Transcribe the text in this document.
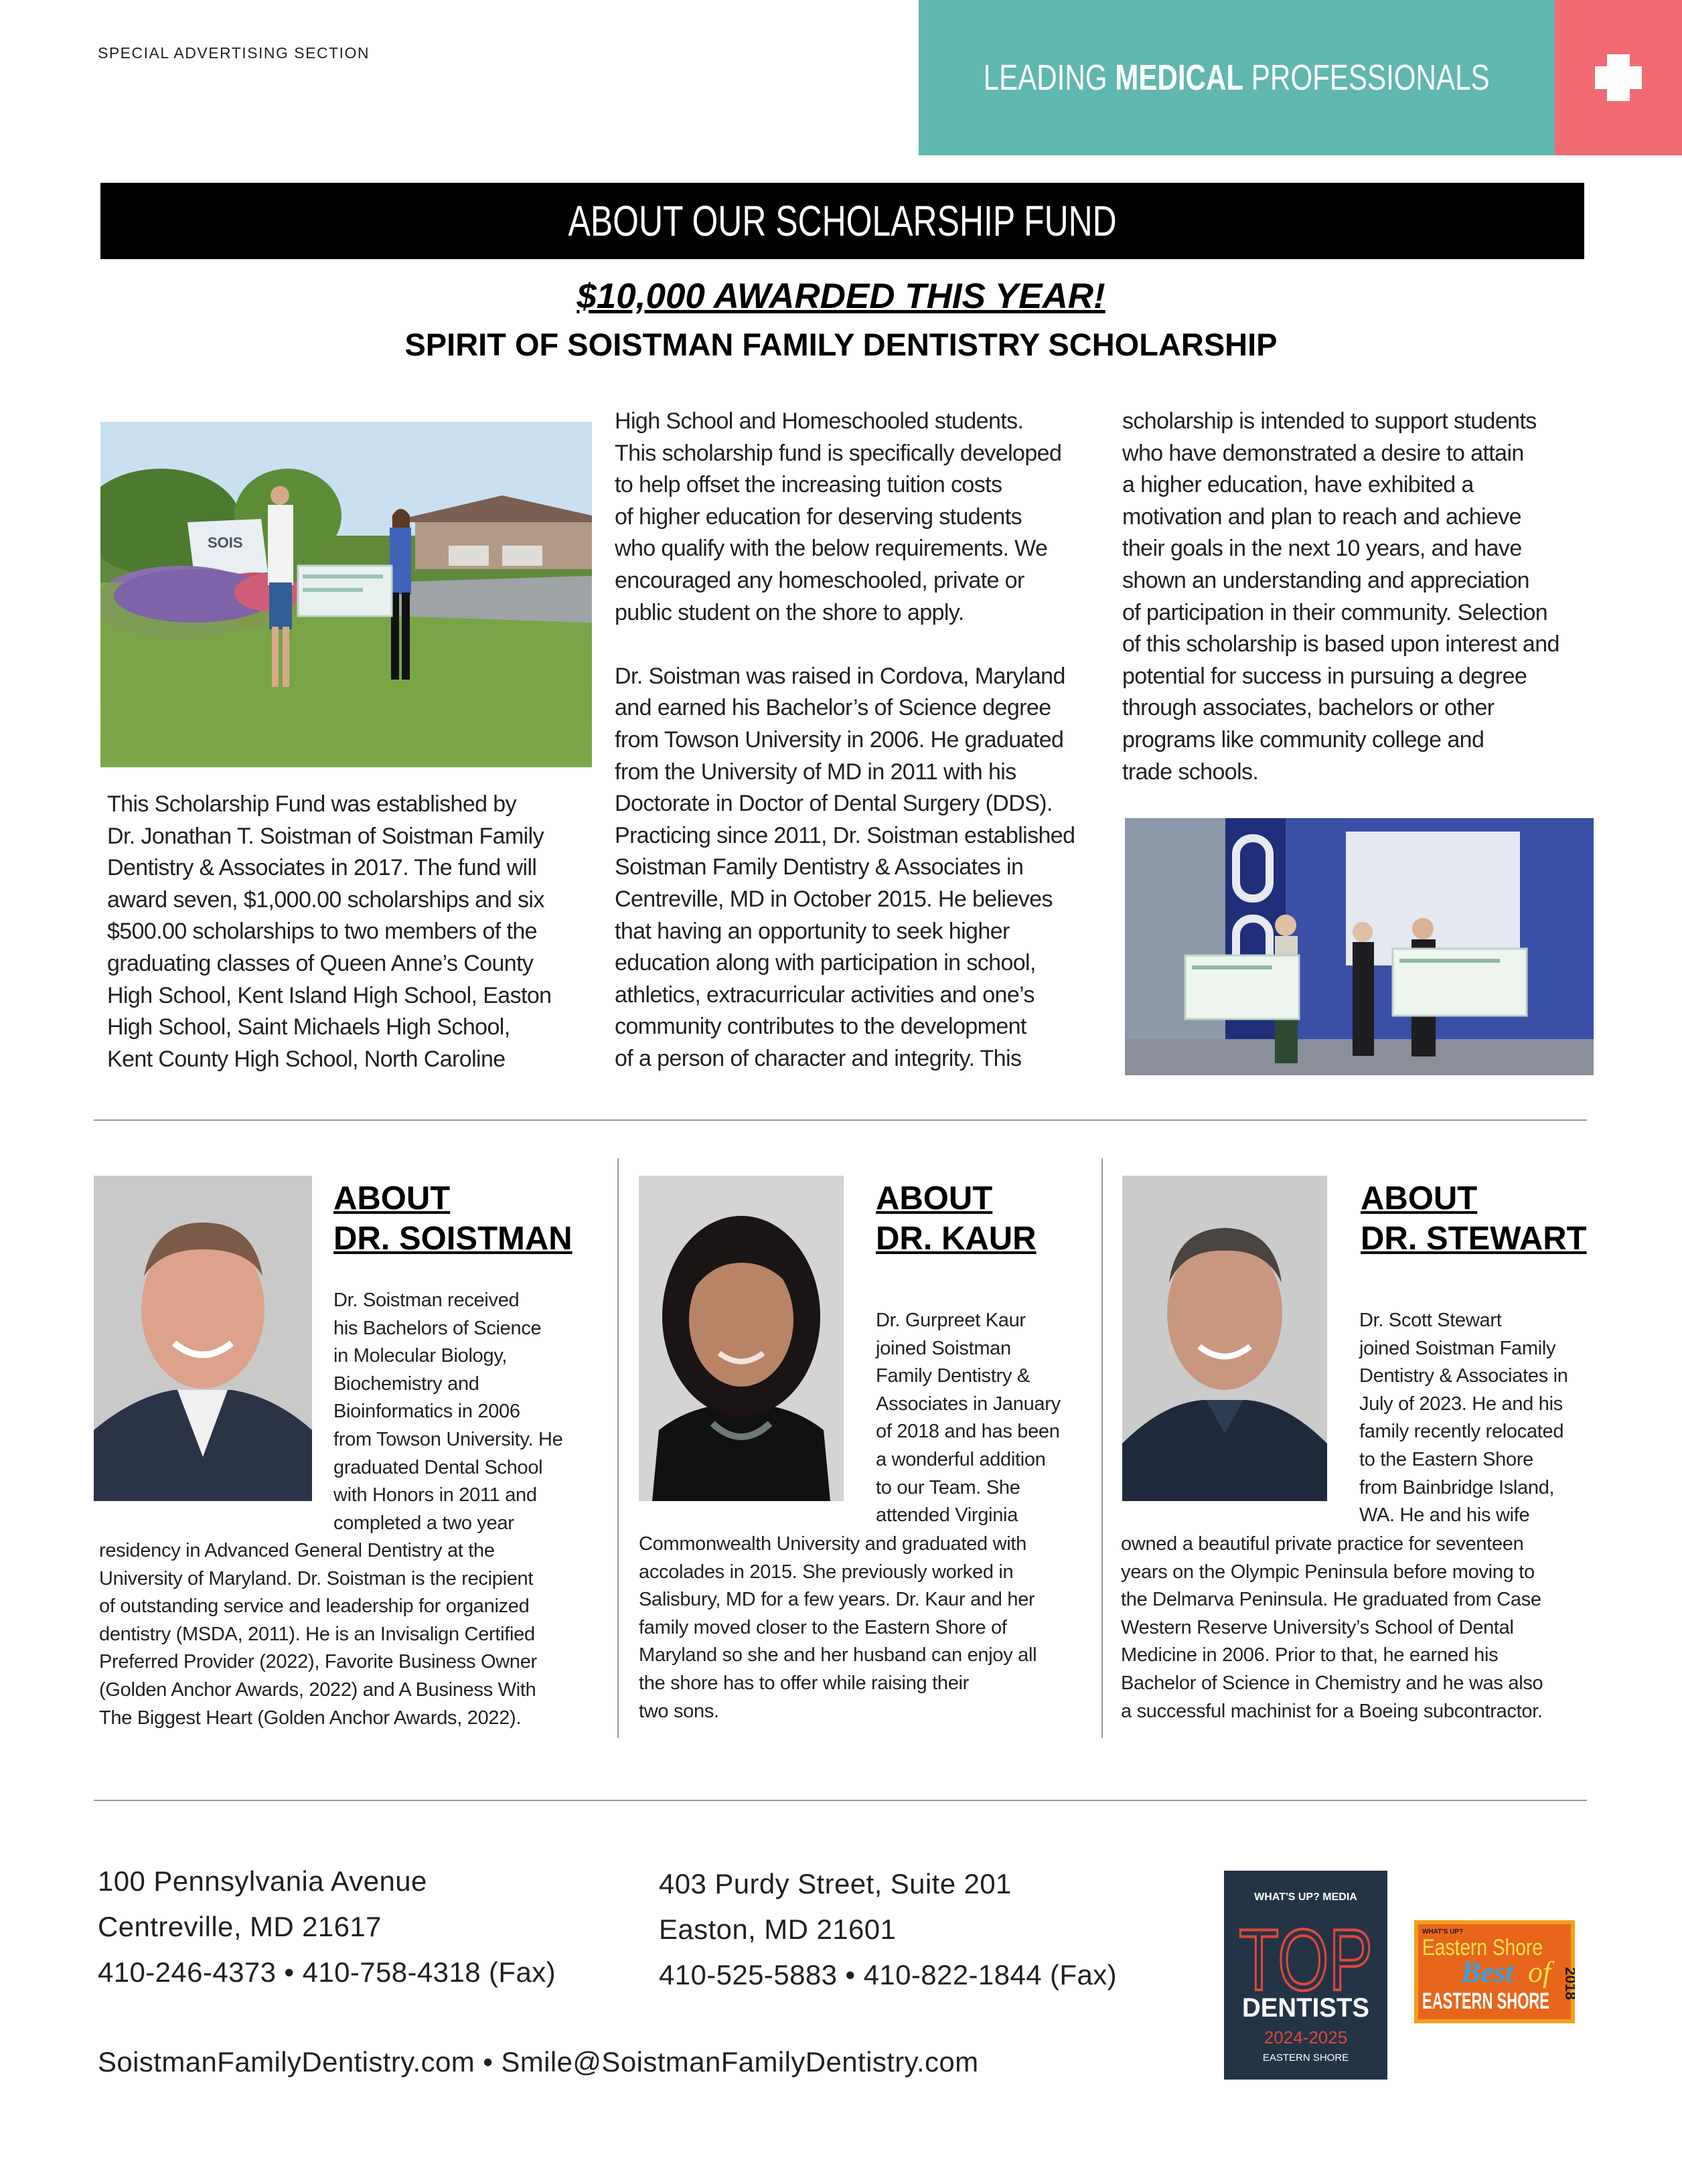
SPECIAL ADVERTISING SECTION
LEADING MEDICAL PROFESSIONALS
ABOUT OUR SCHOLARSHIP FUND
$10,000 AWARDED THIS YEAR!
SPIRIT OF SOISTMAN FAMILY DENTISTRY SCHOLARSHIP
SOIS
This Scholarship Fund was established by
Dr. Jonathan T. Soistman of Soistman Family
Dentistry & Associates in 2017. The fund will
award seven, $1,000.00 scholarships and six
$500.00 scholarships to two members of the
graduating classes of Queen Anne’s County
High School, Kent Island High School, Easton
High School, Saint Michaels High School,
Kent County High School, North Caroline

High School and Homeschooled students.
This scholarship fund is specifically developed
to help offset the increasing tuition costs
of higher education for deserving students
who qualify with the below requirements. We
encouraged any homeschooled, private or
public student on the shore to apply.

Dr. Soistman was raised in Cordova, Maryland
and earned his Bachelor’s of Science degree
from Towson University in 2006. He graduated
from the University of MD in 2011 with his
Doctorate in Doctor of Dental Surgery (DDS).
Practicing since 2011, Dr. Soistman established
Soistman Family Dentistry & Associates in
Centreville, MD in October 2015. He believes
that having an opportunity to seek higher
education along with participation in school,
athletics, extracurricular activities and one’s
community contributes to the development
of a person of character and integrity. This

scholarship is intended to support students
who have demonstrated a desire to attain
a higher education, have exhibited a
motivation and plan to reach and achieve
their goals in the next 10 years, and have
shown an understanding and appreciation
of participation in their community. Selection
of this scholarship is based upon interest and
potential for success in pursuing a degree
through associates, bachelors or other
programs like community college and
trade schools.
ABOUT
DR. SOISTMAN
Dr. Soistman received
his Bachelors of Science
in Molecular Biology,
Biochemistry and
Bioinformatics in 2006
from Towson University. He
graduated Dental School
with Honors in 2011 and
completed a two year
residency in Advanced General Dentistry at the
University of Maryland. Dr. Soistman is the recipient
of outstanding service and leadership for organized
dentistry (MSDA, 2011). He is an Invisalign Certified
Preferred Provider (2022), Favorite Business Owner
(Golden Anchor Awards, 2022) and A Business With
The Biggest Heart (Golden Anchor Awards, 2022).
ABOUT
DR. KAUR
Dr. Gurpreet Kaur
joined Soistman
Family Dentistry &
Associates in January
of 2018 and has been
a wonderful addition
to our Team. She
attended Virginia
Commonwealth University and graduated with
accolades in 2015. She previously worked in
Salisbury, MD for a few years. Dr. Kaur and her
family moved closer to the Eastern Shore of
Maryland so she and her husband can enjoy all
the shore has to offer while raising their
two sons.
ABOUT
DR. STEWART
Dr. Scott Stewart
joined Soistman Family
Dentistry & Associates in
July of 2023. He and his
family recently relocated
to the Eastern Shore
from Bainbridge Island,
WA. He and his wife
owned a beautiful private practice for seventeen
years on the Olympic Peninsula before moving to
the Delmarva Peninsula. He graduated from Case
Western Reserve University’s School of Dental
Medicine in 2006. Prior to that, he earned his
Bachelor of Science in Chemistry and he was also
a successful machinist for a Boeing subcontractor.
100 Pennsylvania Avenue
Centreville, MD 21617
410-246-4373 • 410-758-4318 (Fax)
403 Purdy Street, Suite 201
Easton, MD 21601
410-525-5883 • 410-822-1844 (Fax)
SoistmanFamilyDentistry.com • Smile@SoistmanFamilyDentistry.com
WHAT'S UP? MEDIA
TOP
DENTISTS
2024-2025
EASTERN SHORE
WHAT'S UP?
Eastern Shore
Best of
EASTERN SHORE
2018
